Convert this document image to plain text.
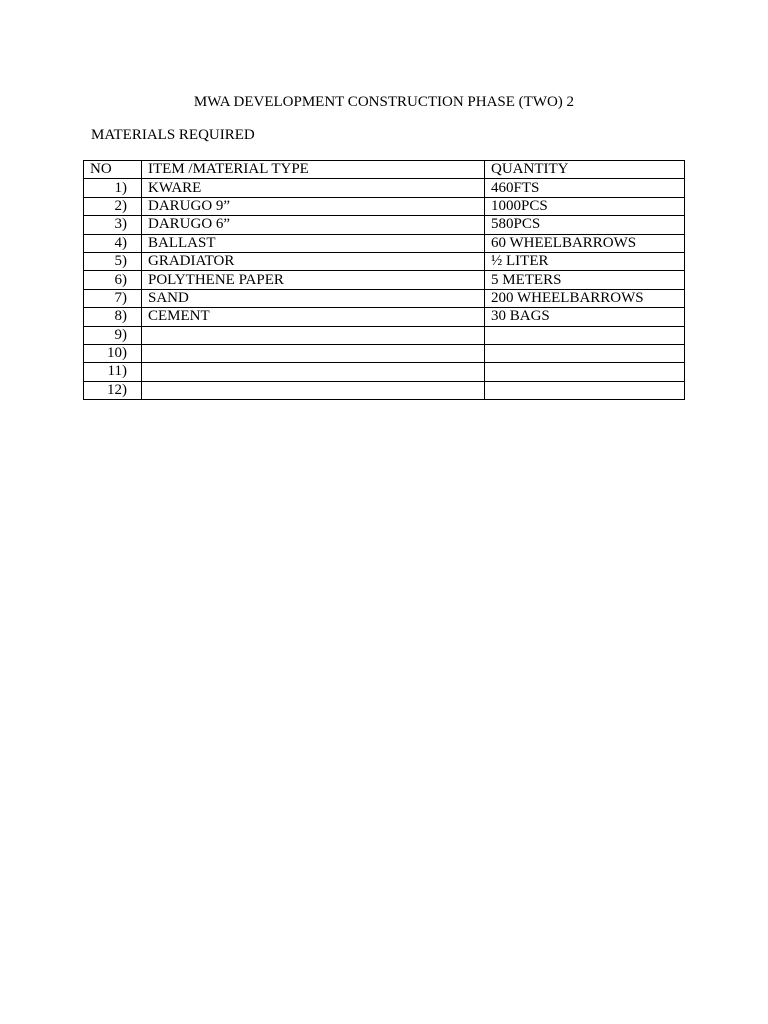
MWA DEVELOPMENT CONSTRUCTION PHASE (TWO) 2
MATERIALS REQUIRED
NO	ITEM /MATERIAL TYPE	QUANTITY
1)	KWARE	460FTS
2)	DARUGO 9”	1000PCS
3)	DARUGO 6”	580PCS
4)	BALLAST	60 WHEELBARROWS
5)	GRADIATOR	½ LITER
6)	POLYTHENE PAPER	5 METERS
7)	SAND	200 WHEELBARROWS
8)	CEMENT	30 BAGS
9)		
10)		
11)		
12)		
